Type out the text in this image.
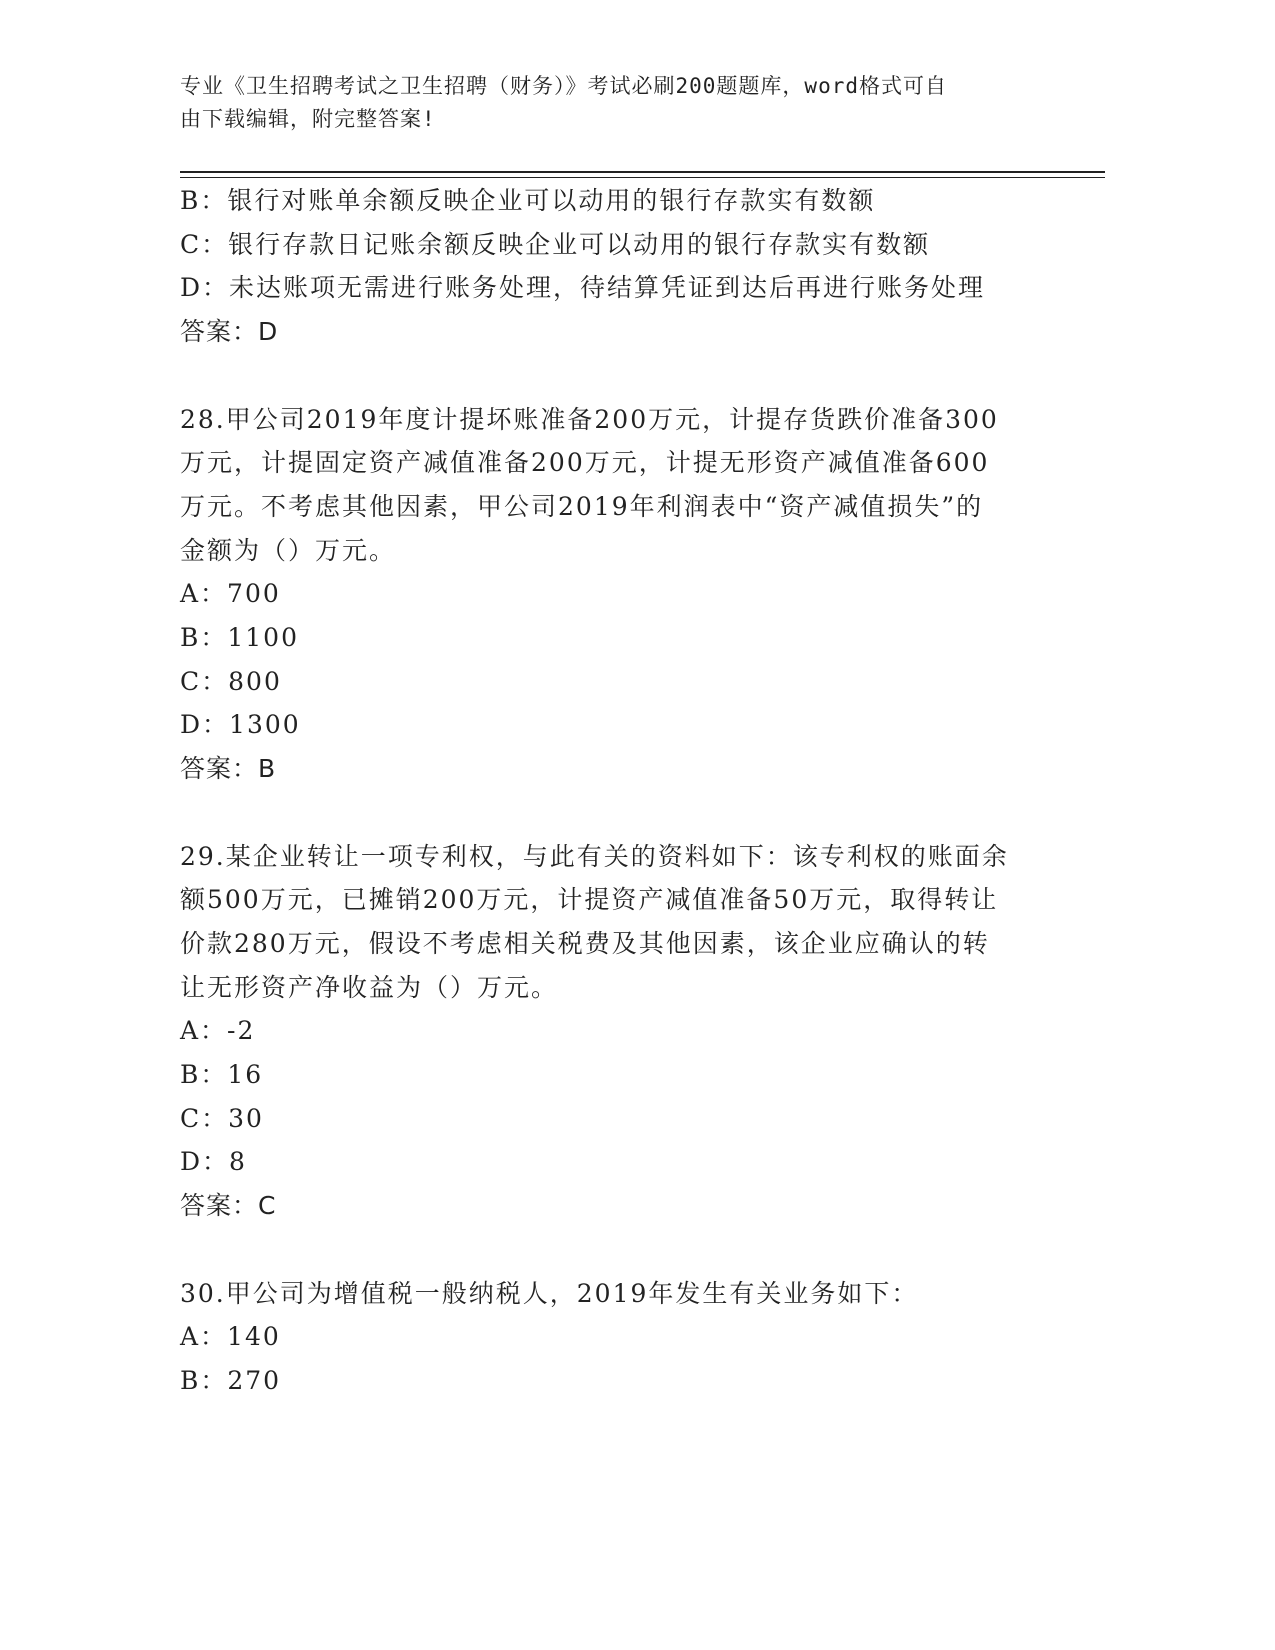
专业《卫生招聘考试之卫生招聘（财务）》考试必刷200题题库，word格式可自
由下载编辑，附完整答案!

B：银行对账单余额反映企业可以动用的银行存款实有数额

C：银行存款日记账余额反映企业可以动用的银行存款实有数额

D：未达账项无需进行账务处理，待结算凭证到达后再进行账务处理

答案：D

28.甲公司2019年度计提坏账准备200万元，计提存货跌价准备300

万元，计提固定资产减值准备200万元，计提无形资产减值准备600

万元。不考虑其他因素，甲公司2019年利润表中“资产减值损失”的

金额为（）万元。

A：700

B：1100

C：800

D：1300

答案：B

29.某企业转让一项专利权，与此有关的资料如下：该专利权的账面余

额500万元，已摊销200万元，计提资产减值准备50万元，取得转让

价款280万元，假设不考虑相关税费及其他因素，该企业应确认的转

让无形资产净收益为（）万元。

A：-2

B：16

C：30

D：8

答案：C

30.甲公司为增值税一般纳税人，2019年发生有关业务如下：

A：140

B：270
